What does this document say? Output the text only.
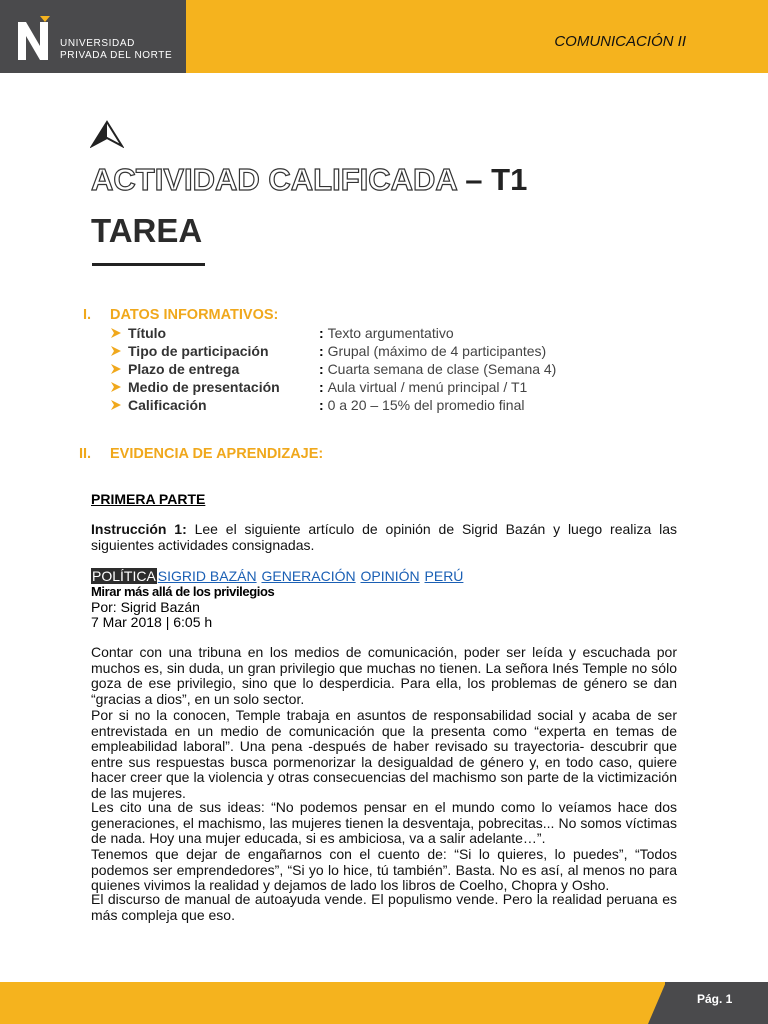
UNIVERSIDAD
PRIVADA DEL NORTE
COMUNICACIÓN II
ACTIVIDAD CALIFICADA – T1
TAREA
I. DATOS INFORMATIVOS:
Título	: Texto argumentativo
Tipo de participación	: Grupal (máximo de 4 participantes)
Plazo de entrega	: Cuarta semana de clase (Semana 4)
Medio de presentación	: Aula virtual / menú principal / T1
Calificación	: 0 a 20 – 15% del promedio final
II. EVIDENCIA DE APRENDIZAJE:
PRIMERA PARTE
Instrucción 1: Lee el siguiente artículo de opinión de Sigrid Bazán y luego realiza las siguientes actividades consignadas.
POLÍTICA SIGRID BAZÁN GENERACIÓN OPINIÓN PERÚ
Mirar más allá de los privilegios
Por: Sigrid Bazán
7 Mar 2018 | 6:05 h
Contar con una tribuna en los medios de comunicación, poder ser leída y escuchada por muchos es, sin duda, un gran privilegio que muchas no tienen. La señora Inés Temple no sólo goza de ese privilegio, sino que lo desperdicia. Para ella, los problemas de género se dan “gracias a dios”, en un solo sector.
Por si no la conocen, Temple trabaja en asuntos de responsabilidad social y acaba de ser entrevistada en un medio de comunicación que la presenta como “experta en temas de empleabilidad laboral”. Una pena -después de haber revisado su trayectoria- descubrir que entre sus respuestas busca pormenorizar la desigualdad de género y, en todo caso, quiere hacer creer que la violencia y otras consecuencias del machismo son parte de la victimización de las mujeres.
Les cito una de sus ideas: “No podemos pensar en el mundo como lo veíamos hace dos generaciones, el machismo, las mujeres tienen la desventaja, pobrecitas... No somos víctimas de nada. Hoy una mujer educada, si es ambiciosa, va a salir adelante…”.
Tenemos que dejar de engañarnos con el cuento de: “Si lo quieres, lo puedes”, “Todos podemos ser emprendedores”, “Si yo lo hice, tú también”. Basta. No es así, al menos no para quienes vivimos la realidad y dejamos de lado los libros de Coelho, Chopra y Osho.
El discurso de manual de autoayuda vende. El populismo vende. Pero la realidad peruana es más compleja que eso.
Pág. 1
